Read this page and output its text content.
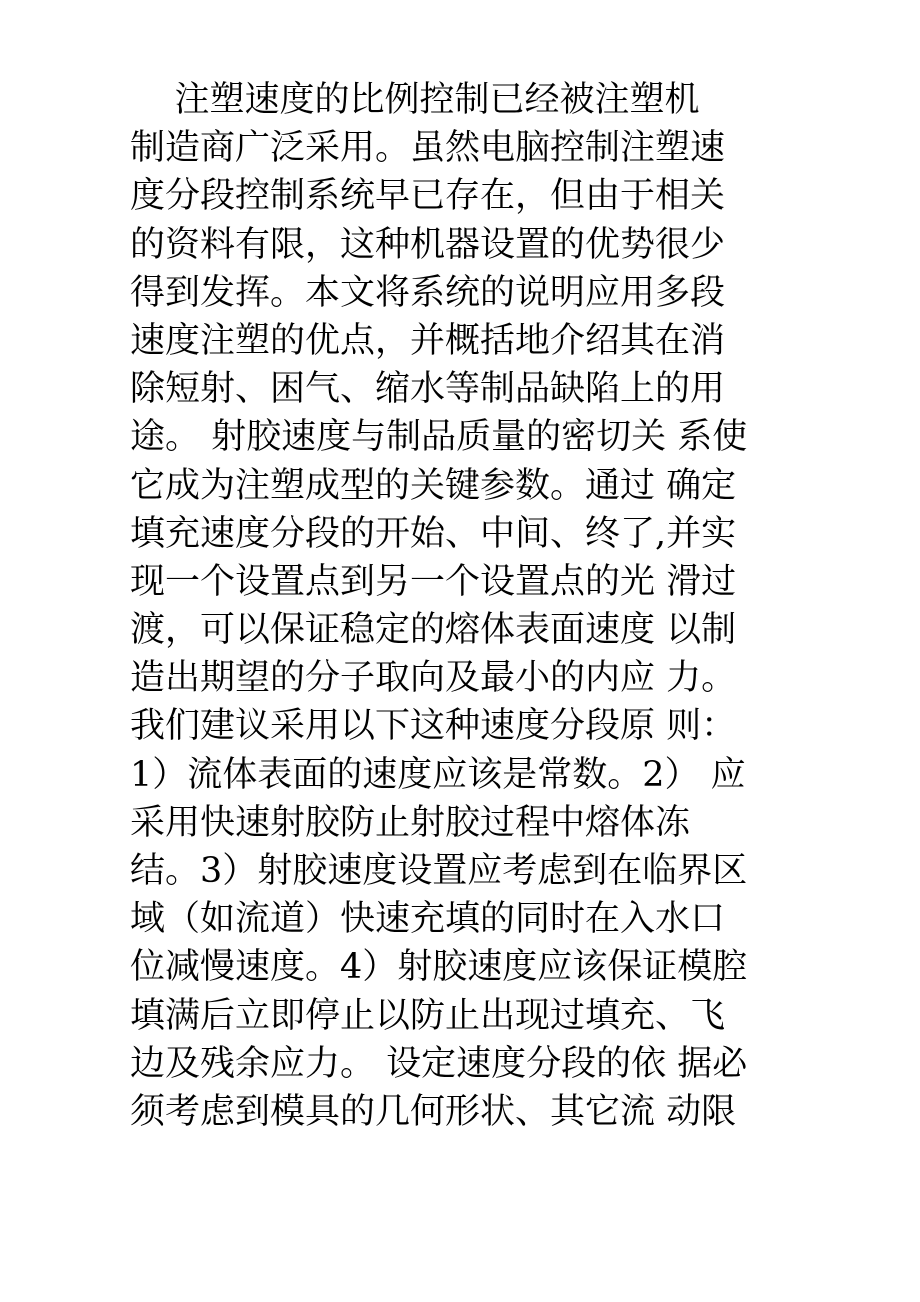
注塑速度的比例控制已经被注塑机
制造商广泛采用。虽然电脑控制注塑速
度分段控制系统早已存在，但由于相关
的资料有限，这种机器设置的优势很少
得到发挥。本文将系统的说明应用多段
速度注塑的优点，并概括地介绍其在消
除短射、困气、缩水等制品缺陷上的用
途。 射胶速度与制品质量的密切关 系使
它成为注塑成型的关键参数。通过 确定
填充速度分段的开始、中间、终了,并实
现一个设置点到另一个设置点的光 滑过
渡，可以保证稳定的熔体表面速度 以制
造出期望的分子取向及最小的内应 力。
我们建议采用以下这种速度分段原 则：
1）流体表面的速度应该是常数。2） 应
采用快速射胶防止射胶过程中熔体冻
结。3）射胶速度设置应考虑到在临界区
域（如流道）快速充填的同时在入水口
位减慢速度。4）射胶速度应该保证模腔
填满后立即停止以防止出现过填充、飞
边及残余应力。 设定速度分段的依 据必
须考虑到模具的几何形状、其它流 动限
